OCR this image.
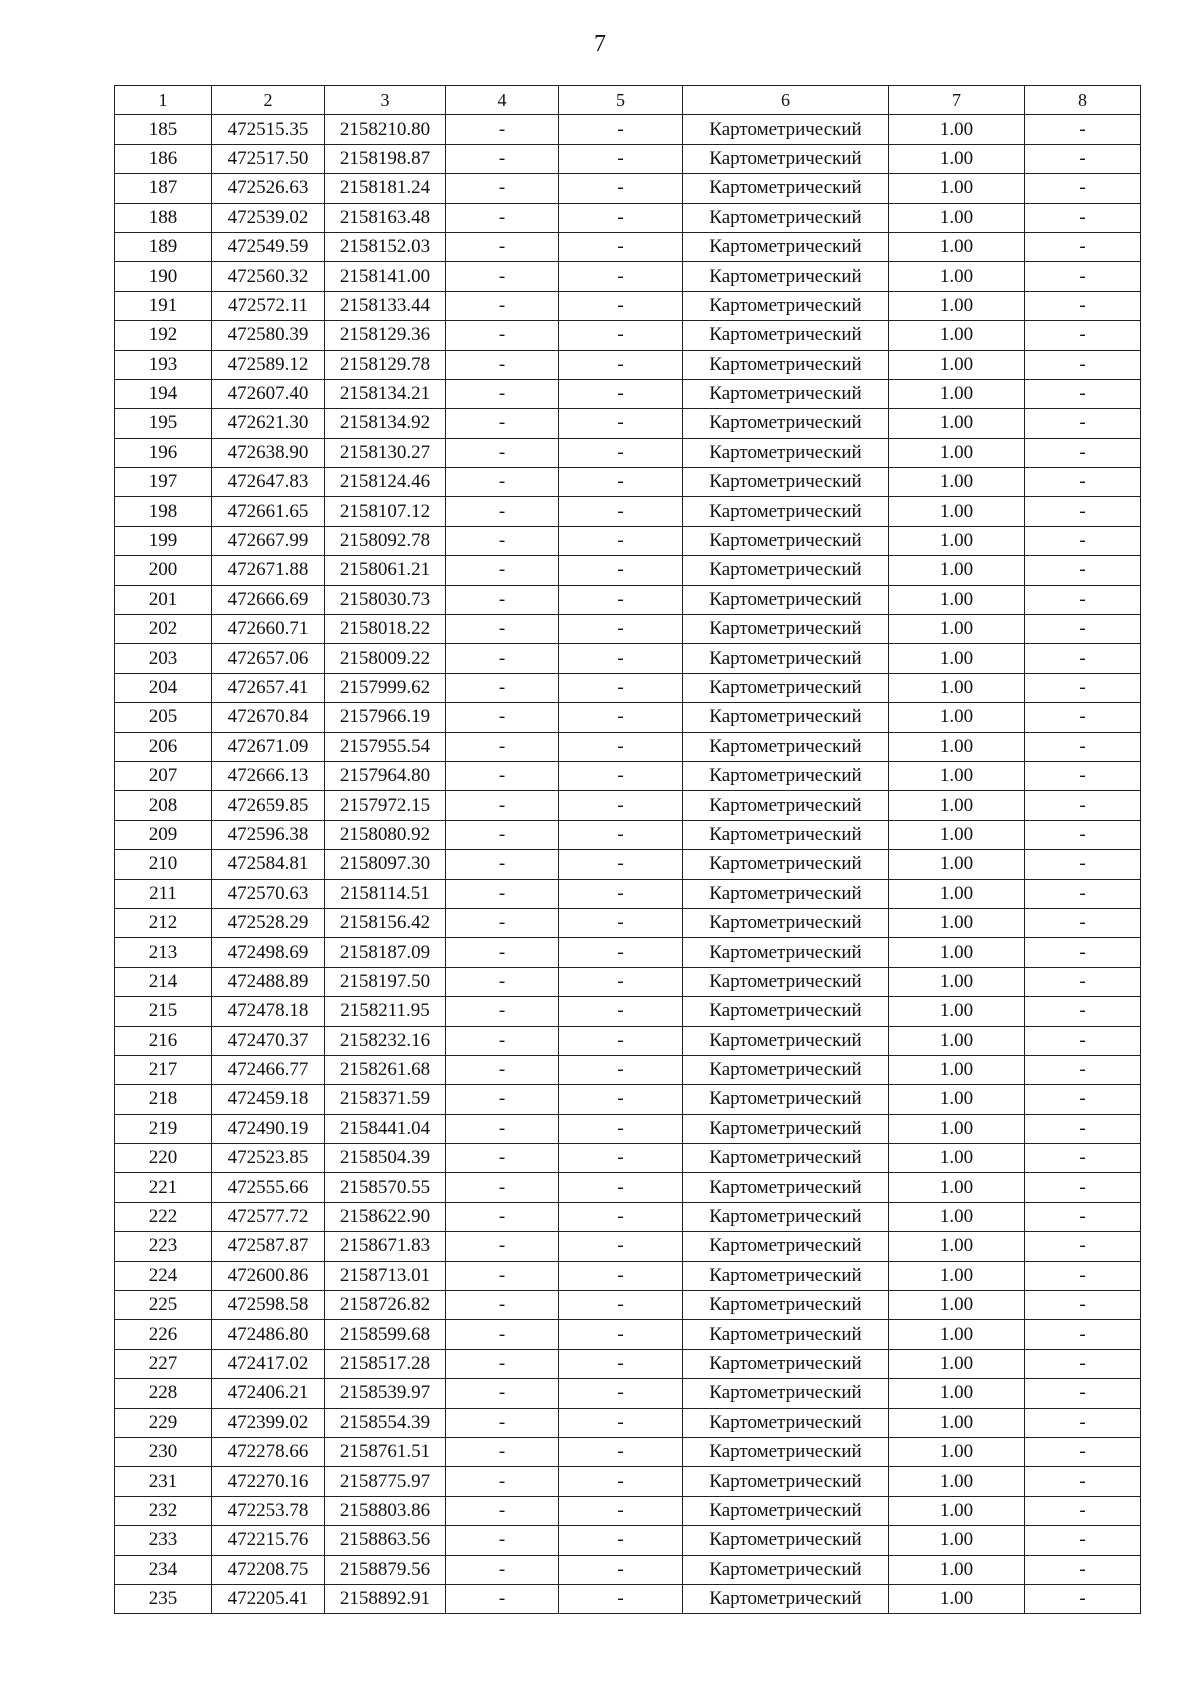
7
1	2	3	4	5	6	7	8
185	472515.35	2158210.80	-	-	Картометрический	1.00	-
186	472517.50	2158198.87	-	-	Картометрический	1.00	-
187	472526.63	2158181.24	-	-	Картометрический	1.00	-
188	472539.02	2158163.48	-	-	Картометрический	1.00	-
189	472549.59	2158152.03	-	-	Картометрический	1.00	-
190	472560.32	2158141.00	-	-	Картометрический	1.00	-
191	472572.11	2158133.44	-	-	Картометрический	1.00	-
192	472580.39	2158129.36	-	-	Картометрический	1.00	-
193	472589.12	2158129.78	-	-	Картометрический	1.00	-
194	472607.40	2158134.21	-	-	Картометрический	1.00	-
195	472621.30	2158134.92	-	-	Картометрический	1.00	-
196	472638.90	2158130.27	-	-	Картометрический	1.00	-
197	472647.83	2158124.46	-	-	Картометрический	1.00	-
198	472661.65	2158107.12	-	-	Картометрический	1.00	-
199	472667.99	2158092.78	-	-	Картометрический	1.00	-
200	472671.88	2158061.21	-	-	Картометрический	1.00	-
201	472666.69	2158030.73	-	-	Картометрический	1.00	-
202	472660.71	2158018.22	-	-	Картометрический	1.00	-
203	472657.06	2158009.22	-	-	Картометрический	1.00	-
204	472657.41	2157999.62	-	-	Картометрический	1.00	-
205	472670.84	2157966.19	-	-	Картометрический	1.00	-
206	472671.09	2157955.54	-	-	Картометрический	1.00	-
207	472666.13	2157964.80	-	-	Картометрический	1.00	-
208	472659.85	2157972.15	-	-	Картометрический	1.00	-
209	472596.38	2158080.92	-	-	Картометрический	1.00	-
210	472584.81	2158097.30	-	-	Картометрический	1.00	-
211	472570.63	2158114.51	-	-	Картометрический	1.00	-
212	472528.29	2158156.42	-	-	Картометрический	1.00	-
213	472498.69	2158187.09	-	-	Картометрический	1.00	-
214	472488.89	2158197.50	-	-	Картометрический	1.00	-
215	472478.18	2158211.95	-	-	Картометрический	1.00	-
216	472470.37	2158232.16	-	-	Картометрический	1.00	-
217	472466.77	2158261.68	-	-	Картометрический	1.00	-
218	472459.18	2158371.59	-	-	Картометрический	1.00	-
219	472490.19	2158441.04	-	-	Картометрический	1.00	-
220	472523.85	2158504.39	-	-	Картометрический	1.00	-
221	472555.66	2158570.55	-	-	Картометрический	1.00	-
222	472577.72	2158622.90	-	-	Картометрический	1.00	-
223	472587.87	2158671.83	-	-	Картометрический	1.00	-
224	472600.86	2158713.01	-	-	Картометрический	1.00	-
225	472598.58	2158726.82	-	-	Картометрический	1.00	-
226	472486.80	2158599.68	-	-	Картометрический	1.00	-
227	472417.02	2158517.28	-	-	Картометрический	1.00	-
228	472406.21	2158539.97	-	-	Картометрический	1.00	-
229	472399.02	2158554.39	-	-	Картометрический	1.00	-
230	472278.66	2158761.51	-	-	Картометрический	1.00	-
231	472270.16	2158775.97	-	-	Картометрический	1.00	-
232	472253.78	2158803.86	-	-	Картометрический	1.00	-
233	472215.76	2158863.56	-	-	Картометрический	1.00	-
234	472208.75	2158879.56	-	-	Картометрический	1.00	-
235	472205.41	2158892.91	-	-	Картометрический	1.00	-
